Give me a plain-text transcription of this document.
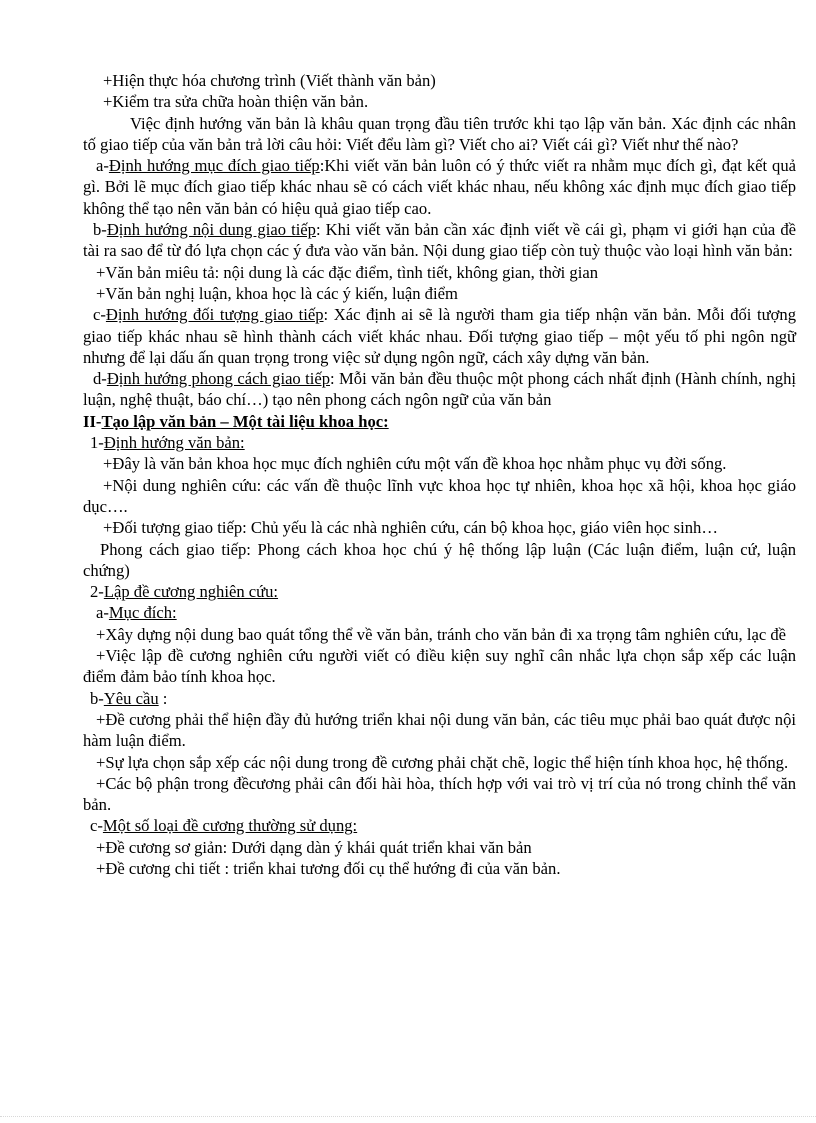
+Hiện thực hóa chương trình (Viết thành văn bản)

+Kiểm tra sửa chữa hoàn thiện văn bản.

Việc định hướng văn bản là khâu quan trọng đầu tiên trước khi tạo lập văn bản. Xác định các nhân tố giao tiếp của văn bản trả lời câu hỏi: Viết đểu làm gì? Viết cho ai? Viết cái gì? Viết như thế nào?

a-Định hướng mục đích giao tiếp:Khi viết văn bản luôn có ý thức viết ra nhằm mục đích gì, đạt kết quả gì. Bởi lẽ mục đích giao tiếp khác nhau sẽ có cách viết khác nhau, nếu không xác định mục đích giao tiếp không thể tạo nên văn bản có hiệu quả giao tiếp cao.

b-Định hướng nội dung giao tiếp: Khi viết văn bản cần xác định viết về cái gì, phạm vi giới hạn của đề tài ra sao để từ đó lựa chọn các ý đưa vào văn bản. Nội dung giao tiếp còn tuỳ thuộc vào loại hình văn bản:

+Văn bản miêu tả: nội dung là các đặc điểm, tình tiết, không gian, thời gian

+Văn bản nghị luận, khoa học là các ý kiến, luận điểm

c-Định hướng đối tượng giao tiếp: Xác định ai sẽ là người tham gia tiếp nhận văn bản. Mỗi đối tượng giao tiếp khác nhau sẽ hình thành cách viết khác nhau. Đối tượng giao tiếp – một yếu tố phi ngôn ngữ nhưng để lại dấu ấn quan trọng trong việc sử dụng ngôn ngữ, cách xây dựng văn bản.

d-Định hướng phong cách giao tiếp: Mỗi văn bản đều thuộc một phong cách nhất định (Hành chính, nghị luận, nghệ thuật, báo chí…) tạo nên phong cách ngôn ngữ của văn bản

II-Tạo lập văn bản – Một tài liệu khoa học:

1-Định hướng văn bản:

+Đây là văn bản khoa học mục đích nghiên cứu một vấn đề khoa học nhằm phục vụ đời sống.

+Nội dung nghiên cứu: các vấn đề thuộc lĩnh vực khoa học tự nhiên, khoa học xã hội, khoa học giáo dục….

+Đối tượng giao tiếp: Chủ yếu là các nhà nghiên cứu, cán bộ khoa học, giáo viên học sinh…

Phong cách giao tiếp: Phong cách khoa học chú ý hệ thống lập luận (Các luận điểm, luận cứ, luận chứng)

2-Lập đề cương nghiên cứu:

a-Mục đích:

+Xây dựng nội dung bao quát tổng thể về văn bản, tránh cho văn bản đi xa trọng tâm nghiên cứu, lạc đề

+Việc lập đề cương nghiên cứu người viết có điều kiện suy nghĩ cân nhắc lựa chọn sắp xếp các luận điểm đảm bảo tính khoa học.

b-Yêu cầu :

+Đề cương phải thể hiện đầy đủ hướng triển khai nội dung văn bản, các tiêu mục phải bao quát được nội hàm luận điểm.

+Sự lựa chọn sắp xếp các nội dung trong đề cương phải chặt chẽ, logic thể hiện tính khoa học, hệ thống.

+Các bộ phận trong đềcương phải cân đối hài hòa, thích hợp với vai trò vị trí của nó trong chỉnh thể văn bản.

c-Một số loại đề cương thường sử dụng:

+Đề cương sơ giản: Dưới dạng dàn ý khái quát triển khai văn bản

+Đề cương chi tiết : triển khai tương đối cụ thể hướng đi của văn bản.
